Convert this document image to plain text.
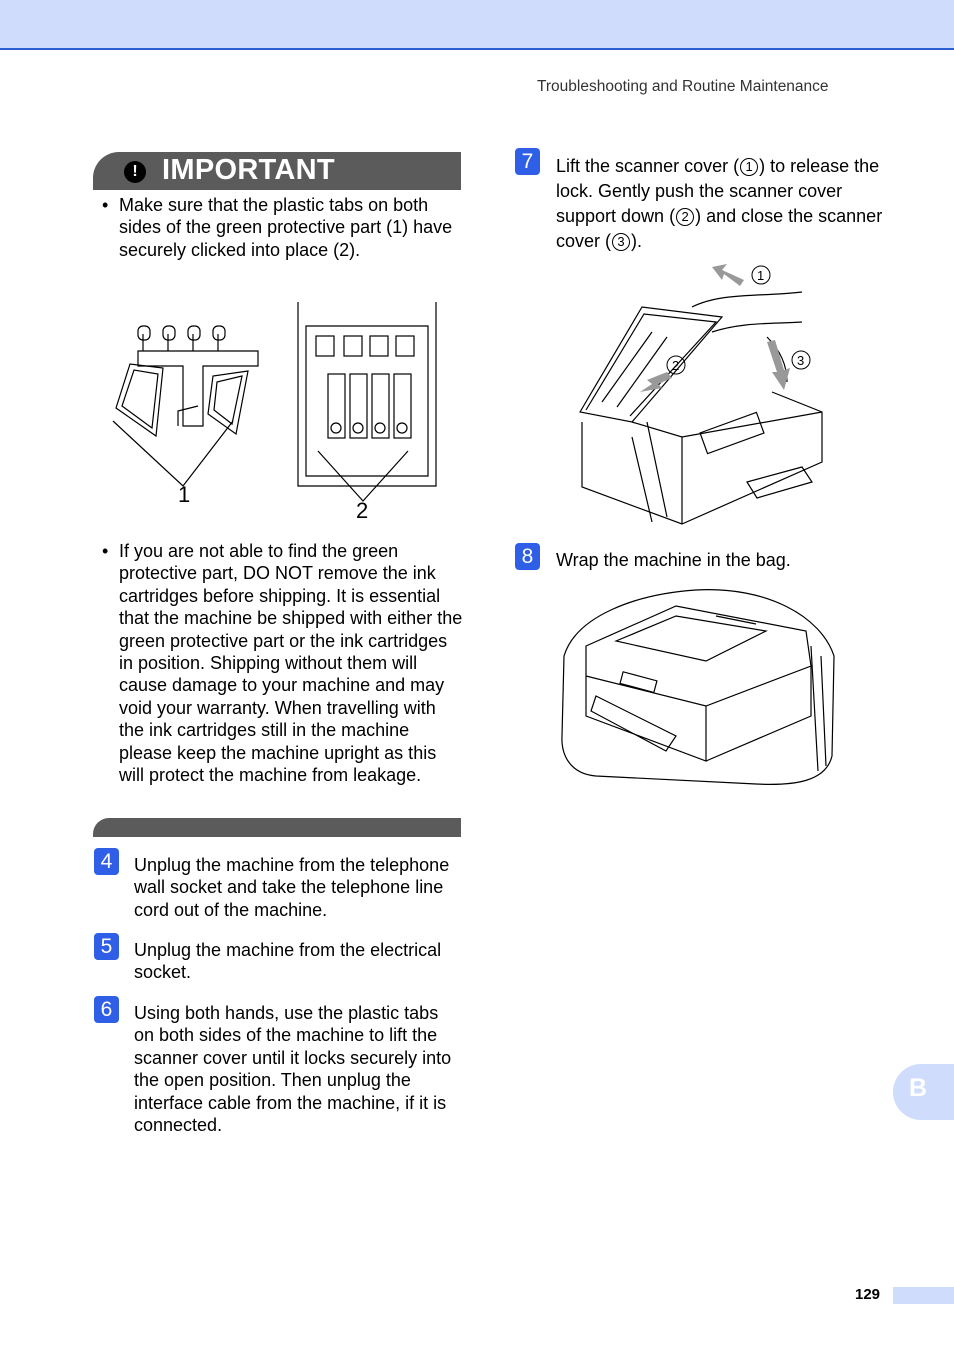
Troubleshooting and Routine Maintenance
! IMPORTANT
• Make sure that the plastic tabs on both sides of the green protective part (1) have securely clicked into place (2).
1
2
• If you are not able to find the green protective part, DO NOT remove the ink cartridges before shipping. It is essential that the machine be shipped with either the green protective part or the ink cartridges in position. Shipping without them will cause damage to your machine and may void your warranty. When travelling with the ink cartridges still in the machine please keep the machine upright as this will protect the machine from leakage.
4	Unplug the machine from the telephone wall socket and take the telephone line cord out of the machine.
5	Unplug the machine from the electrical socket.
6	Using both hands, use the plastic tabs on both sides of the machine to lift the scanner cover until it locks securely into the open position. Then unplug the interface cable from the machine, if it is connected.
7	Lift the scanner cover ( 1 ) to release the lock. Gently push the scanner cover support down ( 2 ) and close the scanner cover ( 3 ).
1
2	3
8	Wrap the machine in the bag.
B
129
